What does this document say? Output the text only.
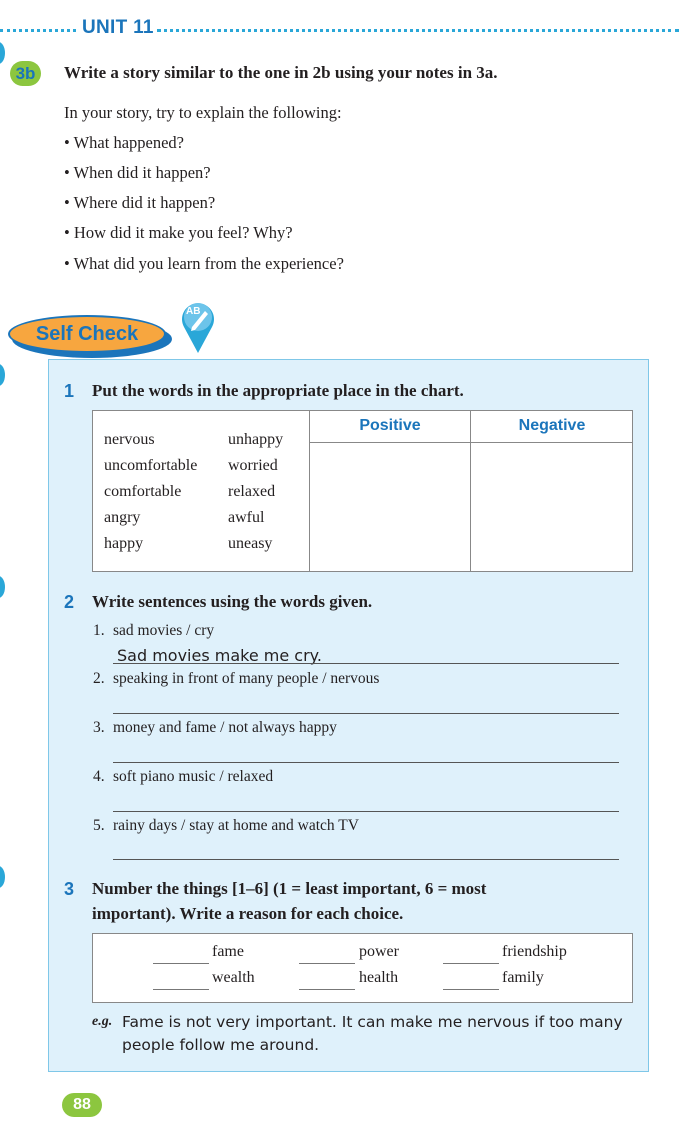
UNIT 11
3b	Write a story similar to the one in 2b using your notes in 3a.
In your story, try to explain the following:
• What happened?
• When did it happen?
• Where did it happen?
• How did it make you feel? Why?
• What did you learn from the experience?
Self Check
AB
1 Put the words in the appropriate place in the chart.
Positive	Negative
nervous
uncomfortable
comfortable
angry
happy
unhappy
worried
relaxed
awful
uneasy
2 Write sentences using the words given.
1. sad movies / cry
Sad movies make me cry.
2. speaking in front of many people / nervous
3. money and fame / not always happy
4. soft piano music / relaxed
5. rainy days / stay at home and watch TV
3 Number the things [1–6] (1 = least important, 6 = most
important). Write a reason for each choice.
fame	power	friendship
wealth	health	family
e.g. Fame is not very important. It can make me nervous if too many
people follow me around.
88
